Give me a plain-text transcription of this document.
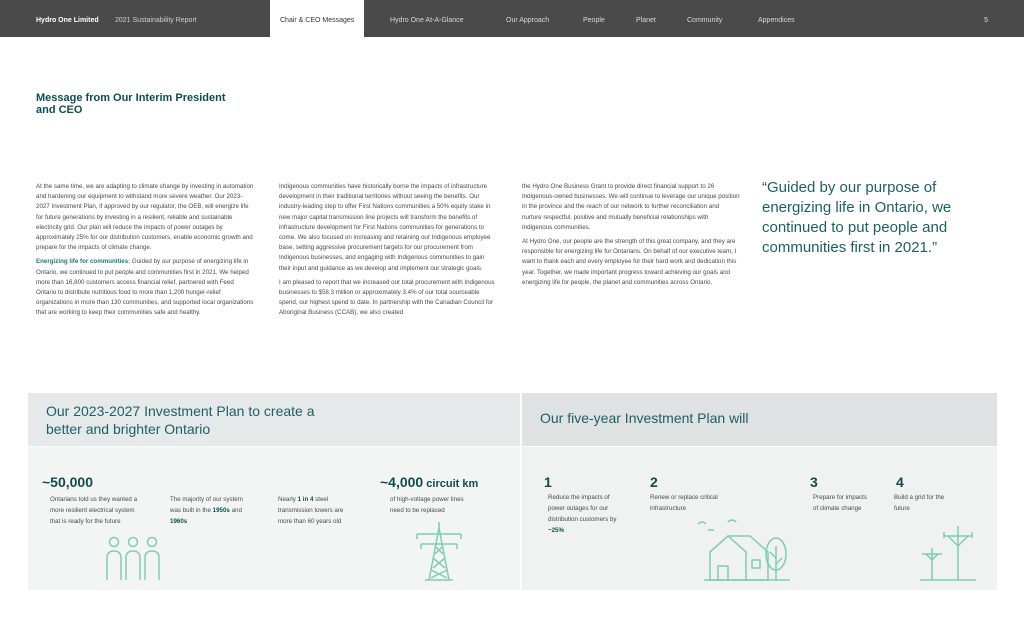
Hydro One Limited 2021 Sustainability Report	Chair & CEO Messages	Hydro One At-A-Glance	Our Approach	People	Planet	Community	Appendices	5
Message from Our Interim President and CEO

At the same time, we are adapting to climate change by investing in automation and hardening our equipment to withstand more severe weather. Our 2023-2027 Investment Plan, if approved by our regulator, the OEB, will energize life for future generations by investing in a resilient, reliable and sustainable electricity grid. Our plan will reduce the impacts of power outages by approximately 25% for our distribution customers, enable economic growth and prepare for the impacts of climate change.

Energizing life for communities: Guided by our purpose of energizing life in Ontario, we continued to put people and communities first in 2021. We helped more than 16,800 customers access financial relief, partnered with Feed Ontario to distribute nutritious food to more than 1,200 hunger-relief organizations in more than 130 communities, and supported local organizations that are working to keep their communities safe and healthy.

Indigenous communities have historically borne the impacts of infrastructure development in their traditional territories without seeing the benefits. Our industry-leading step to offer First Nations communities a 50% equity stake in new major capital transmission line projects will transform the benefits of infrastructure development for First Nations communities for generations to come. We also focused on increasing and retaining our Indigenous employee base, setting aggressive procurement targets for our procurement from Indigenous businesses, and engaging with Indigenous communities to gain their input and guidance as we develop and implement our strategic goals.

I am pleased to report that we increased our total procurement with Indigenous businesses to $58.3 million or approximately 3.4% of our total sourceable spend, our highest spend to date. In partnership with the Canadian Council for Aboriginal Business (CCAB), we also created

the Hydro One Business Grant to provide direct financial support to 26 Indigenous-owned businesses. We will continue to leverage our unique position in the province and the reach of our network to further reconciliation and nurture respectful, positive and mutually beneficial relationships with Indigenous communities.

At Hydro One, our people are the strength of this great company, and they are responsible for energizing life for Ontarians. On behalf of our executive team, I want to thank each and every employee for their hard work and dedication this year. Together, we made important progress toward achieving our goals and energizing life for people, the planet and communities across Ontario.

“Guided by our purpose of energizing life in Ontario, we continued to put people and communities first in 2021.”
Our 2023-2027 Investment Plan to create a better and brighter Ontario
Our five-year Investment Plan will
~50,000
Ontarians told us they wanted a more resilient electrical system that is ready for the future
The majority of our system was built in the 1950s and 1960s
Nearly 1 in 4 steel transmission towers are more than 60 years old
~4,000 circuit km
of high-voltage power lines need to be replaced
1
Reduce the impacts of power outages for our distribution customers by ~25%
2
Renew or replace critical infrastructure
3
Prepare for impacts of climate change
4
Build a grid for the future
